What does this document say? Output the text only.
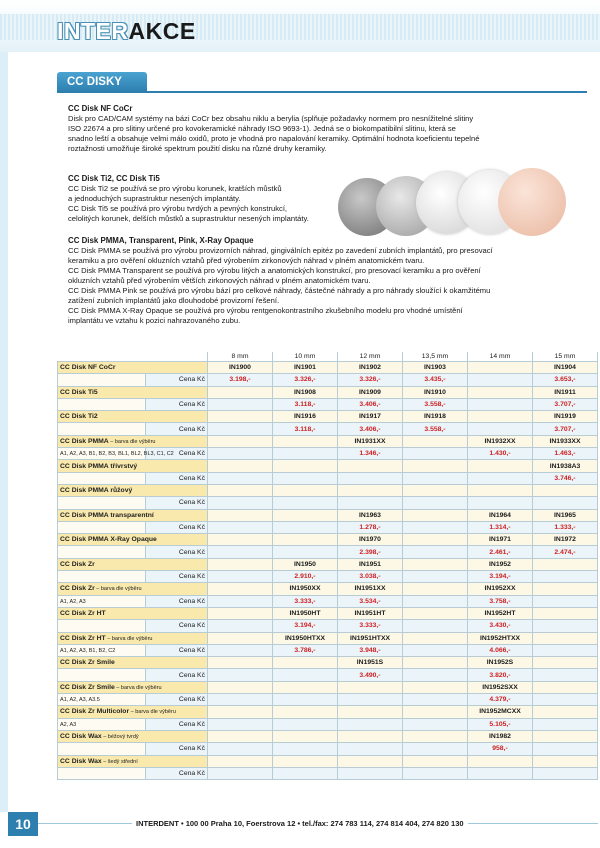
INTERAKCE
CC DISKY
CC Disk NF CoCr

Disk pro CAD/CAM systémy na bázi CoCr bez obsahu niklu a berylia (splňuje požadavky normem pro nesnížitelné slitiny

ISO 22674 a pro slitiny určené pro kovokeramické náhrady ISO 9693-1). Jedná se o biokompatibilní slitinu, která se

snadno leští a obsahuje velmi málo oxidů, proto je vhodná pro napalování keramiky. Optimální hodnota koeficientu tepelné

roztažnosti umožňuje široké spektrum použití disku na různé druhy keramiky.

CC Disk Ti2, CC Disk Ti5

CC Disk Ti2 se používá se pro výrobu korunek, kratších můstků

a jednoduchých suprastruktur nesených implantáty.

CC Disk Ti5 se používá pro výrobu tvrdých a pevných konstrukcí,

celolitých korunek, delších můstků a suprastruktur nesených implantáty.

CC Disk PMMA, Transparent, Pink, X-Ray Opaque

CC Disk PMMA se používá pro výrobu provizorních náhrad, gingiválních epitéz po zavedení zubních implantátů, pro presovací

keramiku a pro ověření okluzních vztahů před výrobením zirkonových náhrad v plném anatomickém tvaru.

CC Disk PMMA Transparent se používá pro výrobu litých a anatomických konstrukcí, pro presovací keramiku a pro ověření

okluzních vztahů před výrobením větších zirkonových náhrad v plném anatomickém tvaru.

CC Disk PMMA Pink se používá pro výrobu bází pro celkové náhrady, částečné náhrady a pro náhrady sloužící k okamžitému

zatížení zubních implantátů jako dlouhodobé provizorní řešení.

CC Disk PMMA X-Ray Opaque se používá pro výrobu rentgenokontrastního zkušebního modelu pro vhodné umístění

implantátu ve vztahu k pozici nahrazovaného zubu.

		8 mm	10 mm	12 mm	13,5 mm	14 mm	15 mm
CC Disk NF CoCr		IN1900	IN1901	IN1902	IN1903		IN1904
	Cena Kč	3.198,-	3.326,-	3.326,-	3.435,-		3.653,-
CC Disk Ti5			IN1908	IN1909	IN1910		IN1911
	Cena Kč		3.118,-	3.406,-	3.558,-		3.707,-
CC Disk Ti2			IN1916	IN1917	IN1918		IN1919
	Cena Kč		3.118,-	3.406,-	3.558,-		3.707,-
CC Disk PMMA – barva dle výběru				IN1931XX		IN1932XX	IN1933XX
A1, A2, A3, B1, B2, B3, BL1, BL2, BL3, C1, C2	Cena Kč			1.346,-		1.430,-	1.463,-
CC Disk PMMA třívrstvý							IN1938A3
	Cena Kč						3.746,-
CC Disk PMMA růžový							
	Cena Kč						
CC Disk PMMA transparentní				IN1963		IN1964	IN1965
	Cena Kč			1.278,-		1.314,-	1.333,-
CC Disk PMMA X-Ray Opaque				IN1970		IN1971	IN1972
	Cena Kč			2.398,-		2.461,-	2.474,-
CC Disk Zr			IN1950	IN1951		IN1952	
	Cena Kč		2.910,-	3.038,-		3.194,-	
CC Disk Zr – barva dle výběru			IN1950XX	IN1951XX		IN1952XX	
A1, A2, A3	Cena Kč		3.333,-	3.534,-		3.758,-	
CC Disk Zr HT			IN1950HT	IN1951HT		IN1952HT	
	Cena Kč		3.194,-	3.333,-		3.430,-	
CC Disk Zr HT – barva dle výběru			IN1950HTXX	IN1951HTXX		IN1952HTXX	
A1, A2, A3, B1, B2, C2	Cena Kč		3.786,-	3.948,-		4.066,-	
CC Disk Zr Smile				IN1951S		IN1952S	
	Cena Kč			3.490,-		3.820,-	
CC Disk Zr Smile – barva dle výběru						IN1952SXX	
A1, A2, A3, A3.5	Cena Kč					4.379,-	
CC Disk Zr Multicolor – barva dle výběru						IN1952MCXX	
A2, A3	Cena Kč					5.105,-	
CC Disk Wax – béžový tvrdý						IN1982	
	Cena Kč					958,-	
CC Disk Wax – šedý střední							
	Cena Kč						
10	INTERDENT • 100 00 Praha 10, Foerstrova 12 • tel./fax: 274 783 114, 274 814 404, 274 820 130
